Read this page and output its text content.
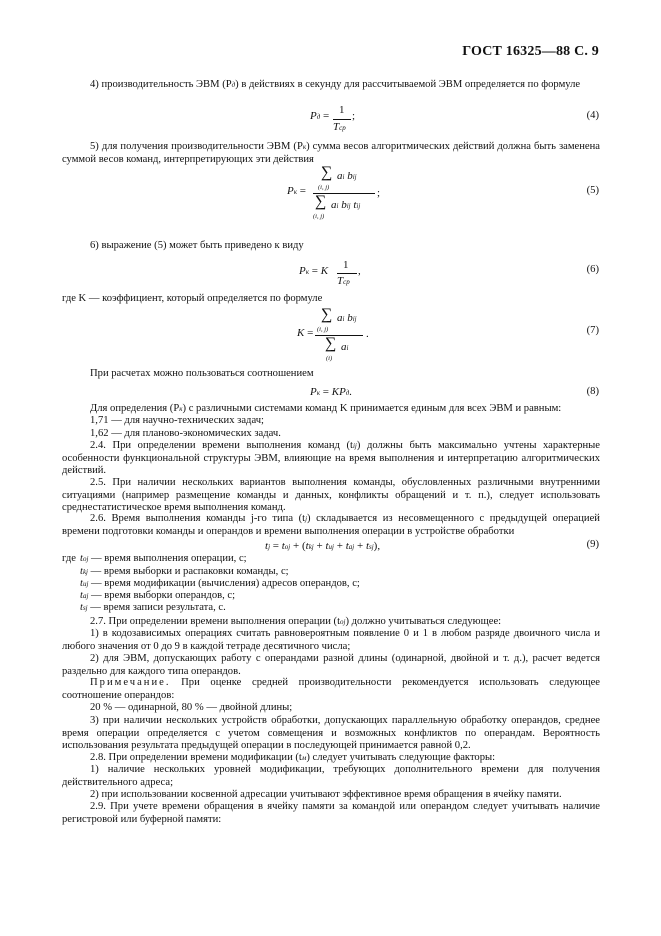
ГОСТ 16325—88 С. 9

4) производительность ЭВМ (Pд) в действиях в секунду для рассчитываемой ЭВМ определяется по формуле

Pд = 1
Tср
;	(4)

5) для получения производительности ЭВМ (Pк) сумма весов алгоритмических действий должна быть заменена суммой весов команд, интерпретирующих эти действия

Pк =
∑ ai bij
(i, j)
∑ ai bij tij
(i, j)
;	(5)
6) выражение (5) может быть приведено к виду
Pк = K 1
Tср
,	(6)
где K — коэффициент, который определяется по формуле
K =
∑ ai bij
(i, j)
∑ ai
(i)
.	(7)
При расчетах можно пользоваться соотношением
Pк = KPд.	(8)
Для определения (Pк) с различными системами команд K принимается единым для всех ЭВМ и равным:
1,71 — для научно-технических задач;
1,62 — для планово-экономических задач.

2.4. При определении времени выполнения команд (tij) должны быть максимально учтены характерные особенности функциональной структуры ЭВМ, влияющие на время выполнения и интерпретацию алгоритмических действий.

2.5. При наличии нескольких вариантов выполнения команды, обусловленных различными внутренними ситуациями (например размещение команды и данных, конфликты обращений и т. п.), следует использовать среднестатистическое время выполнения команд.

2.6. Время выполнения команды j-го типа (tj) складывается из несовмещенного с предыдущей операцией времени подготовки команды и операндов и времени выполнения операции в устройстве обработки

tj = toj + (tkj + tuj + taj + tsj),	(9)
где toj — время выполнения операции, с;
tkj — время выборки и распаковки команды, с;
tuj — время модификации (вычисления) адресов операндов, с;
taj — время выборки операндов, с;
tsj — время записи результата, с.

2.7. При определении времени выполнения операции (toj) должно учитываться следующее:

1) в кодозависимых операциях считать равновероятным появление 0 и 1 в любом разряде двоичного числа и любого значения от 0 до 9 в каждой тетраде десятичного числа;

2) для ЭВМ, допускающих работу с операндами разной длины (одинарной, двойной и т. д.), расчет ведется раздельно для каждого типа операндов.

Примечание. При оценке средней производительности рекомендуется использовать следующее соотношение операндов:

20 % — одинарной, 80 % — двойной длины;

3) при наличии нескольких устройств обработки, допускающих параллельную обработку операндов, среднее время операции определяется с учетом совмещения и возможных конфликтов по операндам. Вероятность использования результата предыдущей операции в последующей принимается равной 0,2.

2.8. При определении времени модификации (tм) следует учитывать следующие факторы:

1) наличие нескольких уровней модификации, требующих дополнительного времени для получения действительного адреса;

2) при использовании косвенной адресации учитывают эффективное время обращения в ячейку памяти.

2.9. При учете времени обращения в ячейку памяти за командой или операндом следует учитывать наличие регистровой или буферной памяти:
